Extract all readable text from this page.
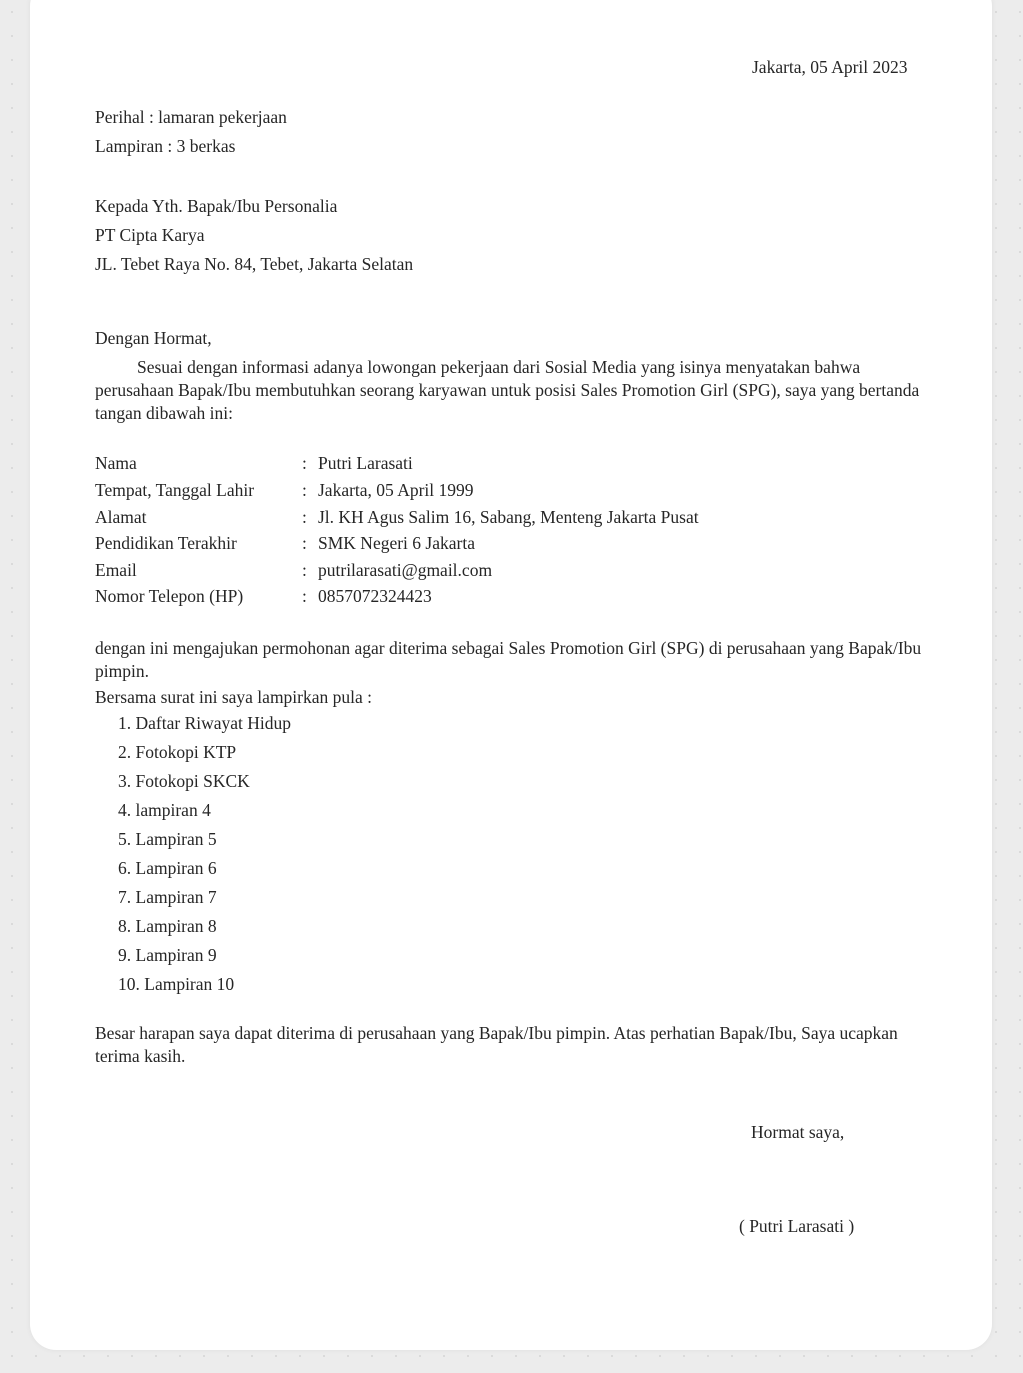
Jakarta, 05 April 2023
Perihal : lamaran pekerjaan
Lampiran : 3 berkas
Kepada Yth. Bapak/Ibu Personalia
PT Cipta Karya
JL. Tebet Raya No. 84, Tebet, Jakarta Selatan
Dengan Hormat,
Sesuai dengan informasi adanya lowongan pekerjaan dari Sosial Media yang isinya menyatakan bahwa perusahaan Bapak/Ibu membutuhkan seorang karyawan untuk posisi Sales Promotion Girl (SPG), saya yang bertanda tangan dibawah ini:
Nama	: Putri Larasati
Tempat, Tanggal Lahir	: Jakarta, 05 April 1999
Alamat	: Jl. KH Agus Salim 16, Sabang, Menteng Jakarta Pusat
Pendidikan Terakhir	: SMK Negeri 6 Jakarta
Email	: putrilarasati@gmail.com
Nomor Telepon (HP)	: 0857072324423
dengan ini mengajukan permohonan agar diterima sebagai Sales Promotion Girl (SPG) di perusahaan yang Bapak/Ibu pimpin.
Bersama surat ini saya lampirkan pula :
1. Daftar Riwayat Hidup
2. Fotokopi KTP
3. Fotokopi SKCK
4. lampiran 4
5. Lampiran 5
6. Lampiran 6
7. Lampiran 7
8. Lampiran 8
9. Lampiran 9
10. Lampiran 10
Besar harapan saya dapat diterima di perusahaan yang Bapak/Ibu pimpin. Atas perhatian Bapak/Ibu, Saya ucapkan terima kasih.
Hormat saya,
( Putri Larasati )
